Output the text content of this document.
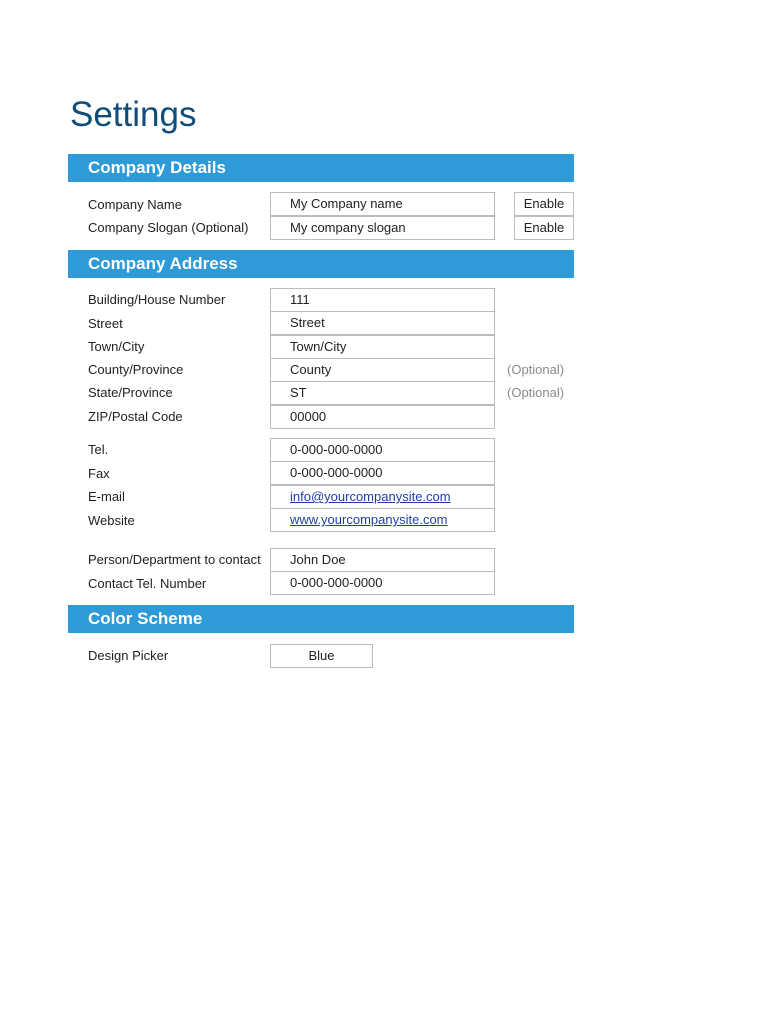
Settings
Company Details
Company Name	My Company name	Enable
Company Slogan (Optional)	My company slogan	Enable
Company Address
Building/House Number	111
Street	Street
Town/City	Town/City
County/Province	County	(Optional)
State/Province	ST	(Optional)
ZIP/Postal Code	00000
Tel.	0-000-000-0000
Fax	0-000-000-0000
E-mail	info@yourcompanysite.com
Website	www.yourcompanysite.com
Person/Department to contact	John Doe
Contact Tel. Number	0-000-000-0000
Color Scheme
Design Picker	Blue
